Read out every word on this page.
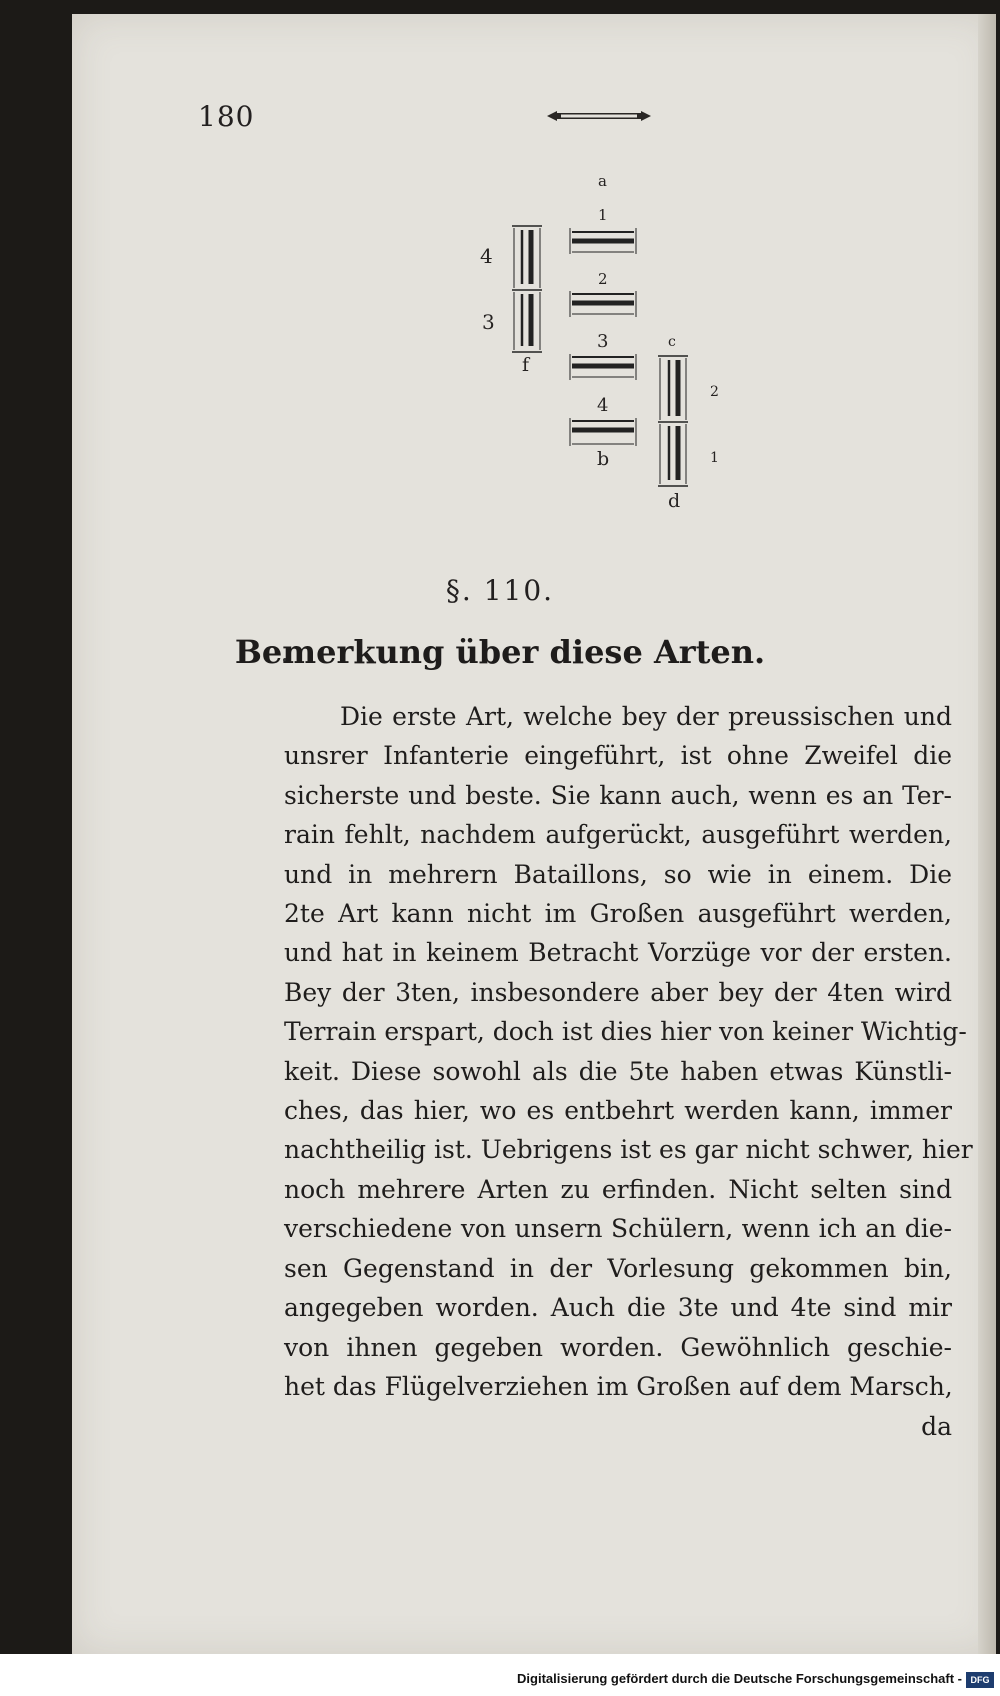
180
4
3
f
a
1
2
3
4
b
c
2
1
d
§. 110.
Bemerkung über diese Arten.
Die erste Art, welche bey der preussischen und
unsrer Infanterie eingeführt, ist ohne Zweifel die
sicherste und beste. Sie kann auch, wenn es an Ter-
rain fehlt, nachdem aufgerückt, ausgeführt werden,
und in mehrern Bataillons, so wie in einem. Die
2te Art kann nicht im Großen ausgeführt werden,
und hat in keinem Betracht Vorzüge vor der ersten.
Bey der 3ten, insbesondere aber bey der 4ten wird
Terrain erspart, doch ist dies hier von keiner Wichtig-
keit. Diese sowohl als die 5te haben etwas Künstli-
ches, das hier, wo es entbehrt werden kann, immer
nachtheilig ist. Uebrigens ist es gar nicht schwer, hier
noch mehrere Arten zu erfinden. Nicht selten sind
verschiedene von unsern Schülern, wenn ich an die-
sen Gegenstand in der Vorlesung gekommen bin,
angegeben worden. Auch die 3te und 4te sind mir
von ihnen gegeben worden. Gewöhnlich geschie-
het das Flügelverziehen im Großen auf dem Marsch,
da
Digitalisierung gefördert durch die Deutsche Forschungsgemeinschaft - DFG
